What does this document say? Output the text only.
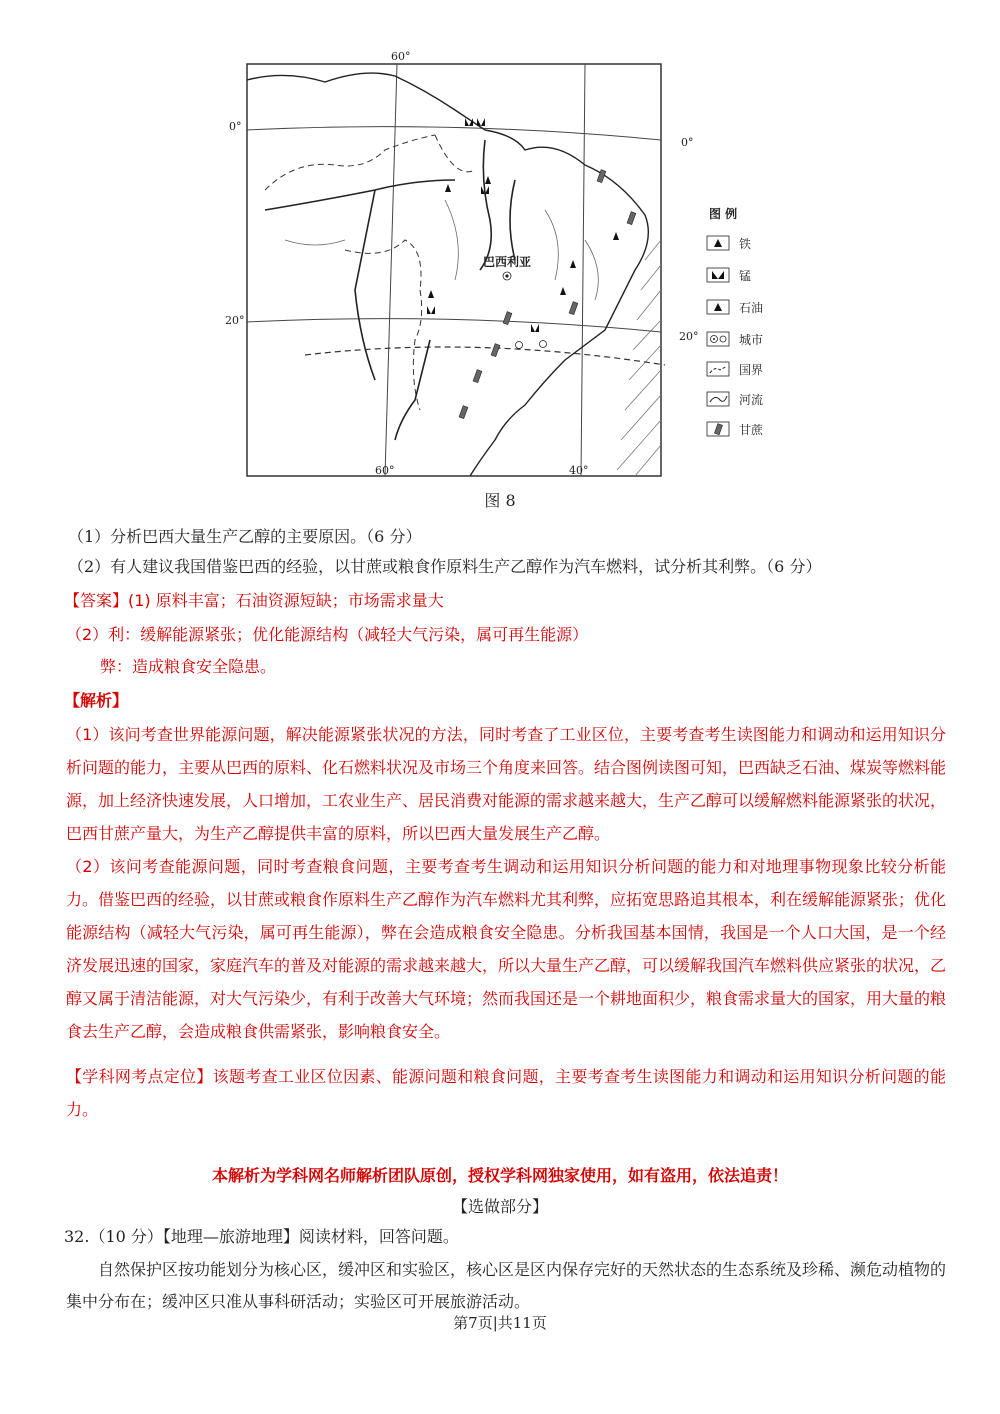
60°
0°
0°
20°
20°
60°	40°
巴西利亚
图 例
铁
锰
石油
城市
国界
河流
甘蔗
图 8
（1）分析巴西大量生产乙醇的主要原因。（6 分）
（2）有人建议我国借鉴巴西的经验，以甘蔗或粮食作原料生产乙醇作为汽车燃料，试分析其利弊。（6 分）
【答案】(1) 原料丰富；石油资源短缺；市场需求量大
（2）利：缓解能源紧张；优化能源结构（减轻大气污染，属可再生能源）
弊：造成粮食安全隐患。
【解析】
（1）该问考查世界能源问题，解决能源紧张状况的方法，同时考查了工业区位，主要考查考生读图能力和调动和运用知识分析问题的能力，主要从巴西的原料、化石燃料状况及市场三个角度来回答。结合图例读图可知，巴西缺乏石油、煤炭等燃料能源，加上经济快速发展，人口增加，工农业生产、居民消费对能源的需求越来越大，生产乙醇可以缓解燃料能源紧张的状况，巴西甘蔗产量大，为生产乙醇提供丰富的原料，所以巴西大量发展生产乙醇。
（2）该问考查能源问题，同时考查粮食问题，主要考查考生调动和运用知识分析问题的能力和对地理事物现象比较分析能力。借鉴巴西的经验，以甘蔗或粮食作原料生产乙醇作为汽车燃料尤其利弊，应拓宽思路追其根本，利在缓解能源紧张；优化能源结构（减轻大气污染，属可再生能源），弊在会造成粮食安全隐患。分析我国基本国情，我国是一个人口大国，是一个经济发展迅速的国家，家庭汽车的普及对能源的需求越来越大，所以大量生产乙醇，可以缓解我国汽车燃料供应紧张的状况，乙醇又属于清洁能源，对大气污染少，有利于改善大气环境；然而我国还是一个耕地面积少，粮食需求量大的国家，用大量的粮食去生产乙醇，会造成粮食供需紧张，影响粮食安全。
【学科网考点定位】该题考查工业区位因素、能源问题和粮食问题，主要考查考生读图能力和调动和运用知识分析问题的能力。
本解析为学科网名师解析团队原创，授权学科网独家使用，如有盗用，依法追责！
【选做部分】
32.（10 分）【地理—旅游地理】阅读材料，回答问题。
自然保护区按功能划分为核心区，缓冲区和实验区，核心区是区内保存完好的天然状态的生态系统及珍稀、濒危动植物的集中分布在；缓冲区只准从事科研活动；实验区可开展旅游活动。
第7页|共11页
